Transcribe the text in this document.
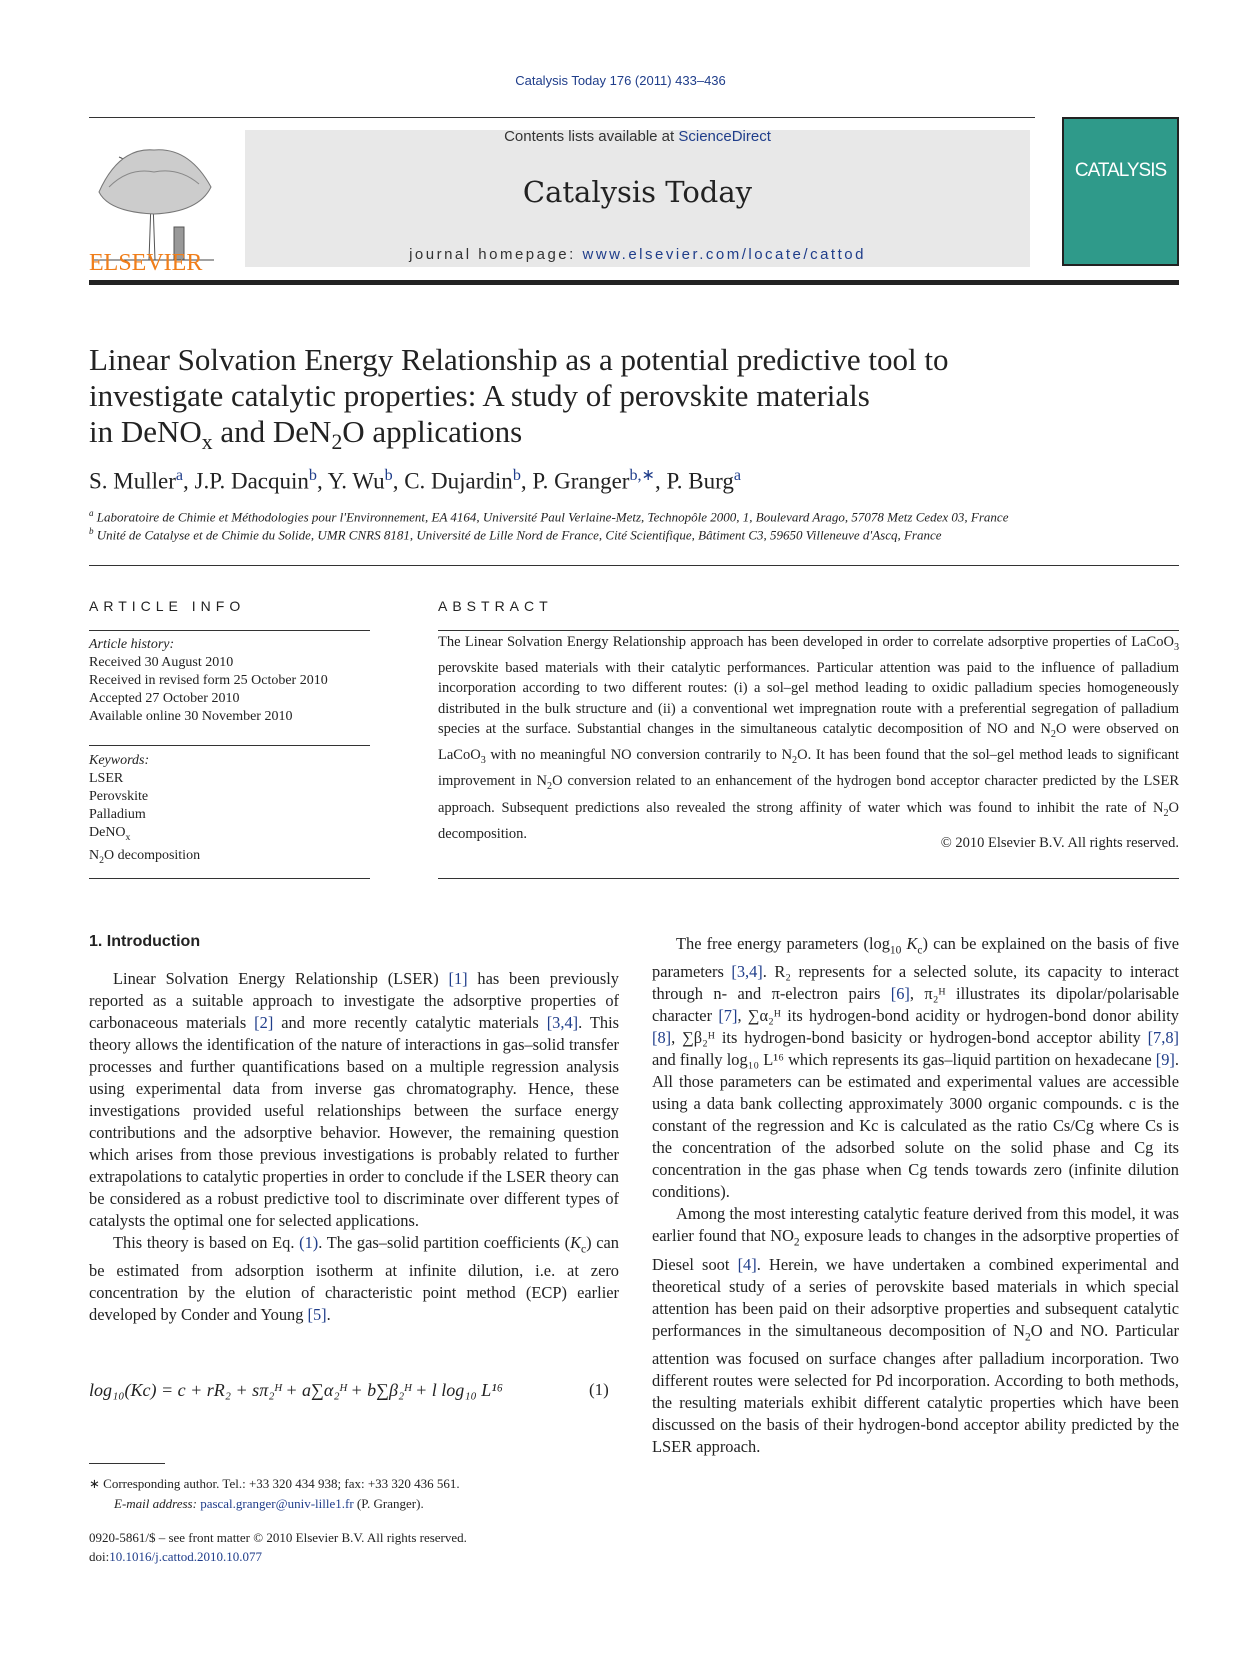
Catalysis Today 176 (2011) 433–436
ELSEVIER
Contents lists available at ScienceDirect
Catalysis Today
journal homepage: www.elsevier.com/locate/cattod
CATALYSIS
Linear Solvation Energy Relationship as a potential predictive tool to
investigate catalytic properties: A study of perovskite materials
in DeNO$_x$ and DeN$_2$O applications
S. Muller$^a$, J.P. Dacquin$^b$, Y. Wu$^b$, C. Dujardin$^b$, P. Granger$^{b,∗}$, P. Burg$^a$
$^a$ Laboratoire de Chimie et Méthodologies pour l'Environnement, EA 4164, Université Paul Verlaine-Metz, Technopôle 2000, 1, Boulevard Arago, 57078 Metz Cedex 03, France
$^b$ Unité de Catalyse et de Chimie du Solide, UMR CNRS 8181, Université de Lille Nord de France, Cité Scientifique, Bâtiment C3, 59650 Villeneuve d'Ascq, France
ARTICLE INFO
Article history:
Received 30 August 2010
Received in revised form 25 October 2010
Accepted 27 October 2010
Available online 30 November 2010
Keywords:
LSER
Perovskite
Palladium
DeNO$_x$
$N_2O$ decomposition
ABSTRACT
The Linear Solvation Energy Relationship approach has been developed in order to correlate adsorptive properties of LaCoO$_3$ perovskite based materials with their catalytic performances. Particular attention was paid to the influence of palladium incorporation according to two different routes: (i) a sol–gel method leading to oxidic palladium species homogeneously distributed in the bulk structure and (ii) a conventional wet impregnation route with a preferential segregation of palladium species at the surface. Substantial changes in the simultaneous catalytic decomposition of NO and $N_2O$ were observed on LaCoO$_3$ with no meaningful NO conversion contrarily to $N_2O$. It has been found that the sol–gel method leads to significant improvement in $N_2O$ conversion related to an enhancement of the hydrogen bond acceptor character predicted by the LSER approach. Subsequent predictions also revealed the strong affinity of water which was found to inhibit the rate of $N_2O$ decomposition.
© 2010 Elsevier B.V. All rights reserved.
1. Introduction

Linear Solvation Energy Relationship (LSER) [1] has been previously reported as a suitable approach to investigate the adsorptive properties of carbonaceous materials [2] and more recently catalytic materials [3,4]. This theory allows the identification of the nature of interactions in gas–solid transfer processes and further quantifications based on a multiple regression analysis using experimental data from inverse gas chromatography. Hence, these investigations provided useful relationships between the surface energy contributions and the adsorptive behavior. However, the remaining question which arises from those previous investigations is probably related to further extrapolations to catalytic properties in order to conclude if the LSER theory can be considered as a robust predictive tool to discriminate over different types of catalysts the optimal one for selected applications.

This theory is based on Eq. (1). The gas–solid partition coefficients $(K_c)$ can be estimated from adsorption isotherm at infinite dilution, i.e. at zero concentration by the elution of characteristic point method (ECP) earlier developed by Conder and Young [5].

log₁₀(Kc) = c + rR₂ + sπ₂ᴴ + a∑α₂ᴴ + b∑β₂ᴴ + l log₁₀ L¹⁶	(1)
∗ Corresponding author. Tel.: +33 320 434 938; fax: +33 320 436 561.
E-mail address: pascal.granger@univ-lille1.fr (P. Granger).
0920-5861/$ – see front matter © 2010 Elsevier B.V. All rights reserved.
doi:10.1016/j.cattod.2010.10.077

The free energy parameters ($\log_{10}$ $K_c$) can be explained on the basis of five parameters [3,4]. R₂ represents for a selected solute, its capacity to interact through n- and π-electron pairs [6], π₂ᴴ illustrates its dipolar/polarisable character [7], ∑α₂ᴴ its hydrogen-bond acidity or hydrogen-bond donor ability [8], ∑β₂ᴴ its hydrogen-bond basicity or hydrogen-bond acceptor ability [7,8] and finally log₁₀ L¹⁶ which represents its gas–liquid partition on hexadecane [9]. All those parameters can be estimated and experimental values are accessible using a data bank collecting approximately 3000 organic compounds. c is the constant of the regression and Kc is calculated as the ratio Cs/Cg where Cs is the concentration of the adsorbed solute on the solid phase and Cg its concentration in the gas phase when Cg tends towards zero (infinite dilution conditions).

Among the most interesting catalytic feature derived from this model, it was earlier found that $NO_2$ exposure leads to changes in the adsorptive properties of Diesel soot [4]. Herein, we have undertaken a combined experimental and theoretical study of a series of perovskite based materials in which special attention has been paid on their adsorptive properties and subsequent catalytic performances in the simultaneous decomposition of $N_2O$ and NO. Particular attention was focused on surface changes after palladium incorporation. Two different routes were selected for Pd incorporation. According to both methods, the resulting materials exhibit different catalytic properties which have been discussed on the basis of their hydrogen-bond acceptor ability predicted by the LSER approach.
